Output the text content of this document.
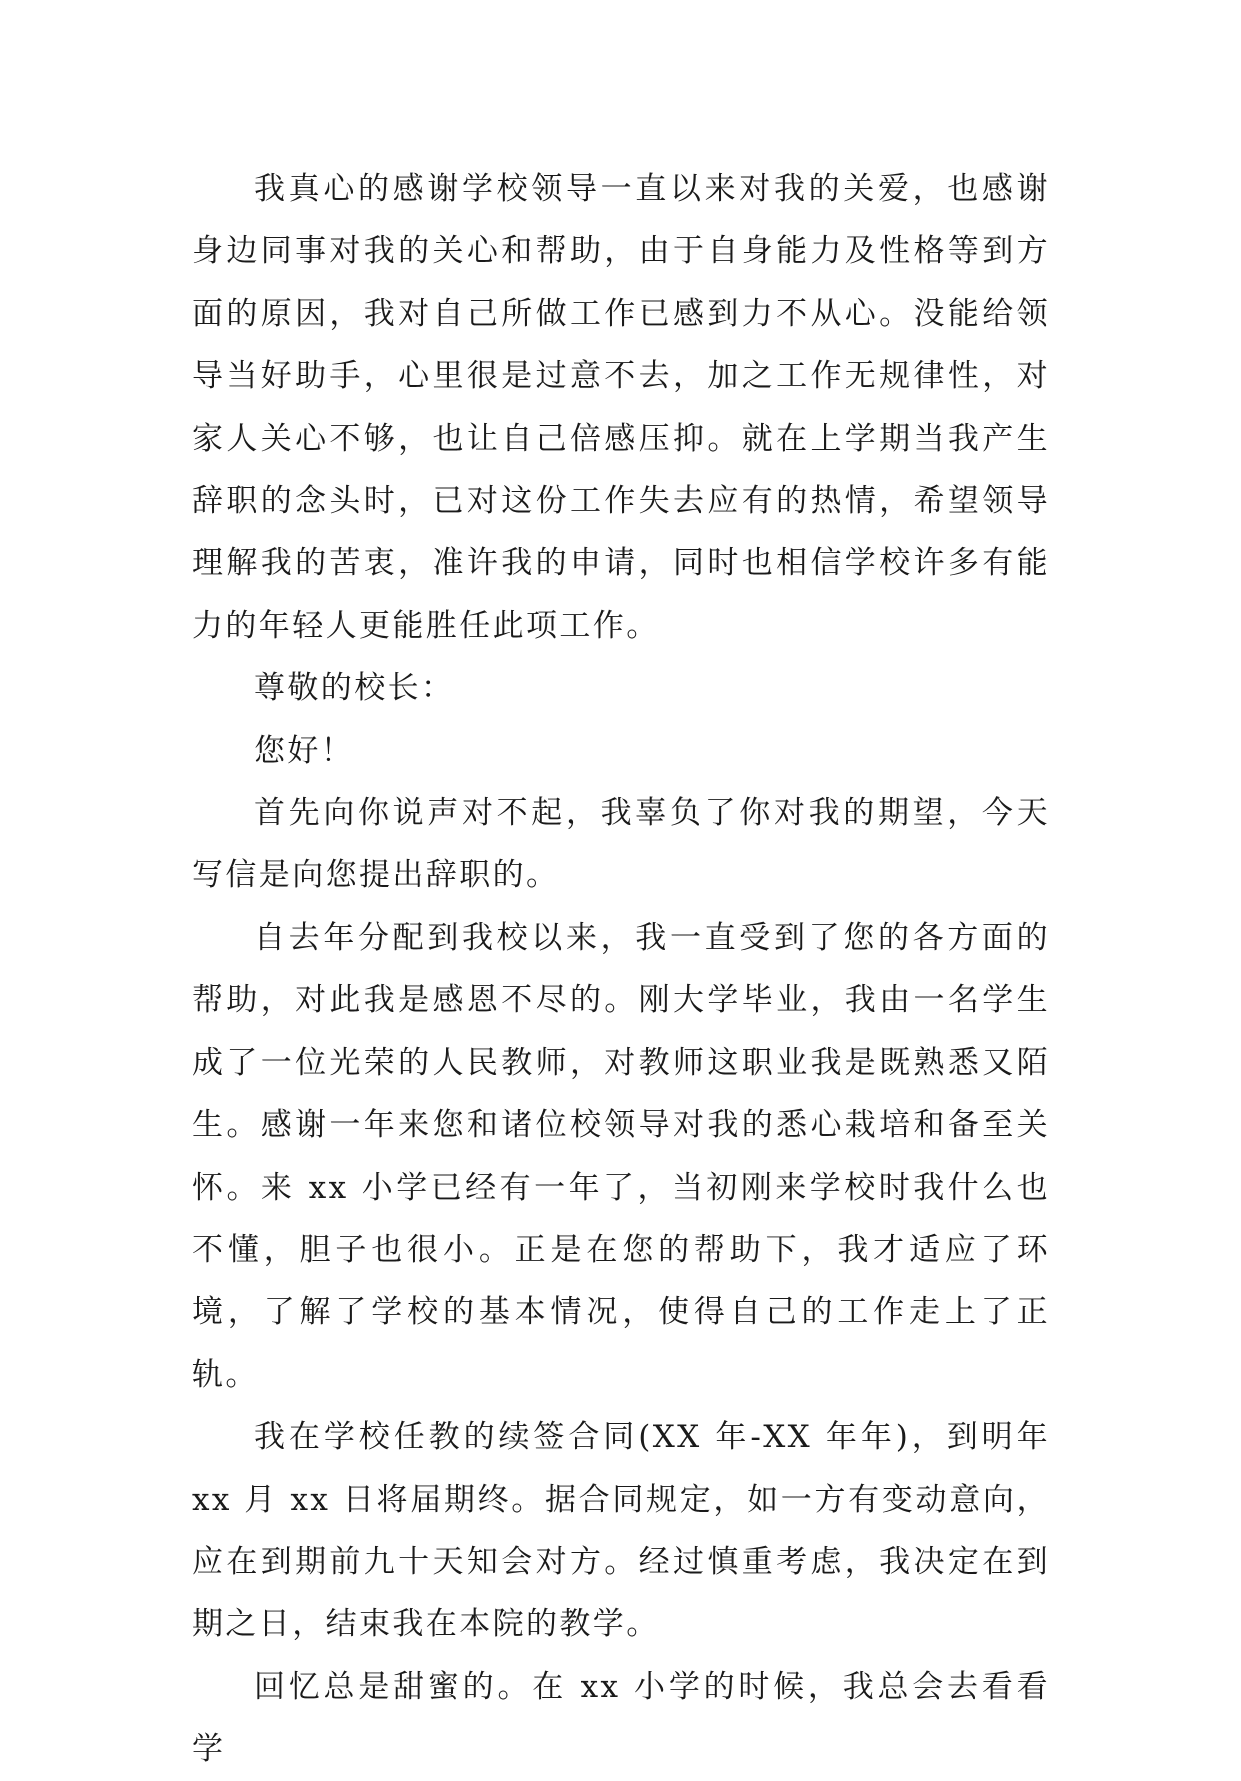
我真心的感谢学校领导一直以来对我的关爱，也感谢身边同事对我的关心和帮助，由于自身能力及性格等到方面的原因，我对自己所做工作已感到力不从心。没能给领导当好助手，心里很是过意不去，加之工作无规律性，对家人关心不够，也让自己倍感压抑。就在上学期当我产生辞职的念头时，已对这份工作失去应有的热情，希望领导理解我的苦衷，准许我的申请，同时也相信学校许多有能力的年轻人更能胜任此项工作。

尊敬的校长：

您好！

首先向你说声对不起，我辜负了你对我的期望，今天写信是向您提出辞职的。

自去年分配到我校以来，我一直受到了您的各方面的帮助，对此我是感恩不尽的。刚大学毕业，我由一名学生成了一位光荣的人民教师，对教师这职业我是既熟悉又陌生。感谢一年来您和诸位校领导对我的悉心栽培和备至关怀。来 xx 小学已经有一年了，当初刚来学校时我什么也不懂，胆子也很小。正是在您的帮助下，我才适应了环境，了解了学校的基本情况，使得自己的工作走上了正轨。

我在学校任教的续签合同(XX 年-XX 年年)，到明年 xx 月 xx 日将届期终。据合同规定，如一方有变动意向，应在到期前九十天知会对方。经过慎重考虑，我决定在到期之日，结束我在本院的教学。

回忆总是甜蜜的。在 xx 小学的时候，我总会去看看学
